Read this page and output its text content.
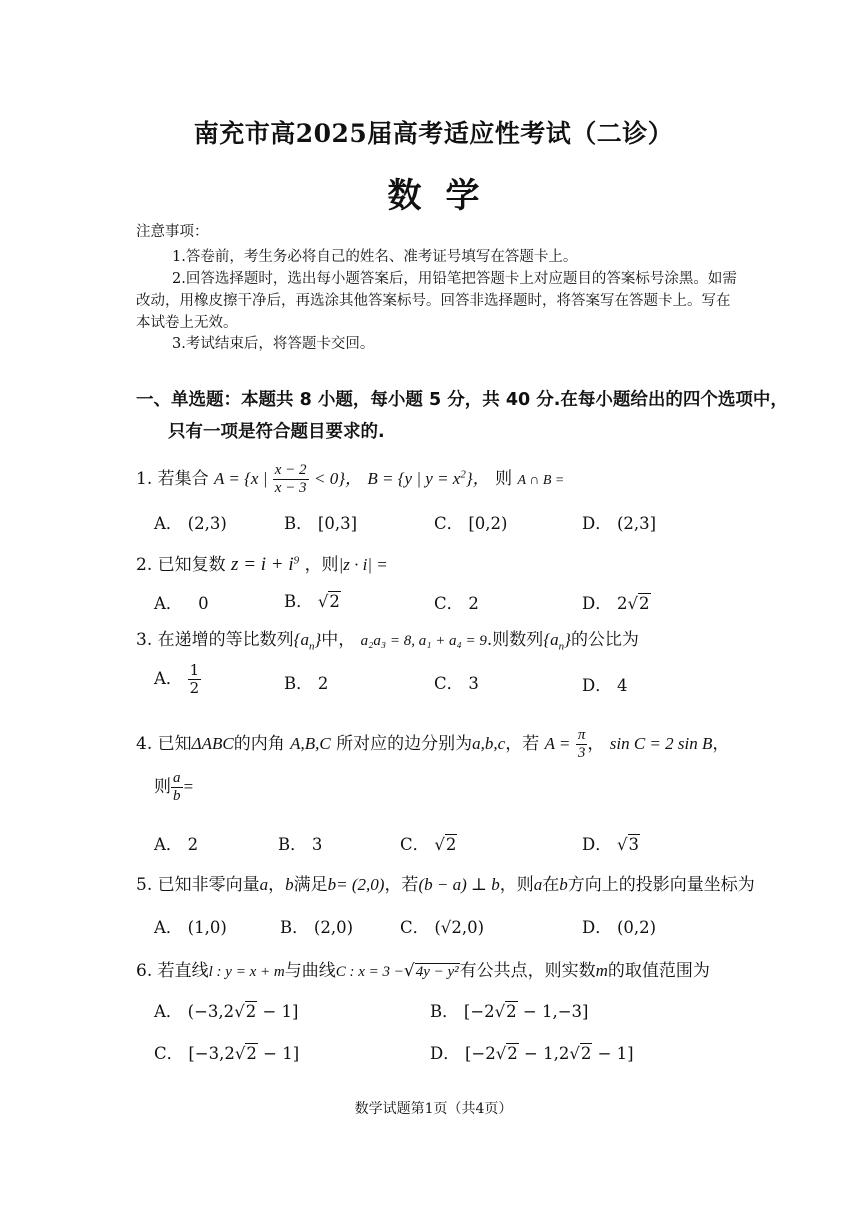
南充市高2025届高考适应性考试（二诊）
数学
注意事项：
1.答卷前，考生务必将自己的姓名、准考证号填写在答题卡上。
2.回答选择题时，选出每小题答案后，用铅笔把答题卡上对应题目的答案标号涂黑。如需
改动，用橡皮擦干净后，再选涂其他答案标号。回答非选择题时，将答案写在答题卡上。写在
本试卷上无效。
3.考试结束后，将答题卡交回。
一、单选题：本题共 8 小题，每小题 5 分，共 40 分.在每小题给出的四个选项中，
只有一项是符合题目要求的.
1. 若集合 A = {x | $\frac{x - 2}{x - 3} < 0$}， B = {y | $y = x^2$}， 则 A ∩ B =
A． (2,3)	B． [0,3]	C． [0,2)	D． (2,3]
2. 已知复数 $z = i + i^9$ ，则|z · i| =
A． 0	B． √2	C． 2	D． 2√2
3. 在递增的等比数列$\{a_n\}$中， a₂a₃ = 8, a₁ + a₄ = 9.则数列$\{a_n\}$的公比为
A． $\frac{1}{2}$	B． 2	C． 3	D． 4
4. 已知ΔABC的内角 A,B,C 所对应的边分别为a,b,c，若 $A = \frac{\pi}{3}$ ， sin C = 2 sin B，
则 $\frac{a}{b}$ =
A． 2	B． 3	C． √2	D． √3
5. 已知非零向量a，b满足b= (2,0)，若(b − a) ⊥ b，则a在b方向上的投影向量坐标为
A． (1,0)	B． (2,0)	C． (√2,0)	D． (0,2)
6. 若直线l : y = x + m与曲线C : x = 3 −√4y − y²有公共点，则实数m的取值范围为
A． (−3,2√2 − 1]	B． [−2√2 − 1,−3]
C． [−3,2√2 − 1]	D． [−2√2 − 1,2√2 − 1]
数学试题第1页（共4页）
